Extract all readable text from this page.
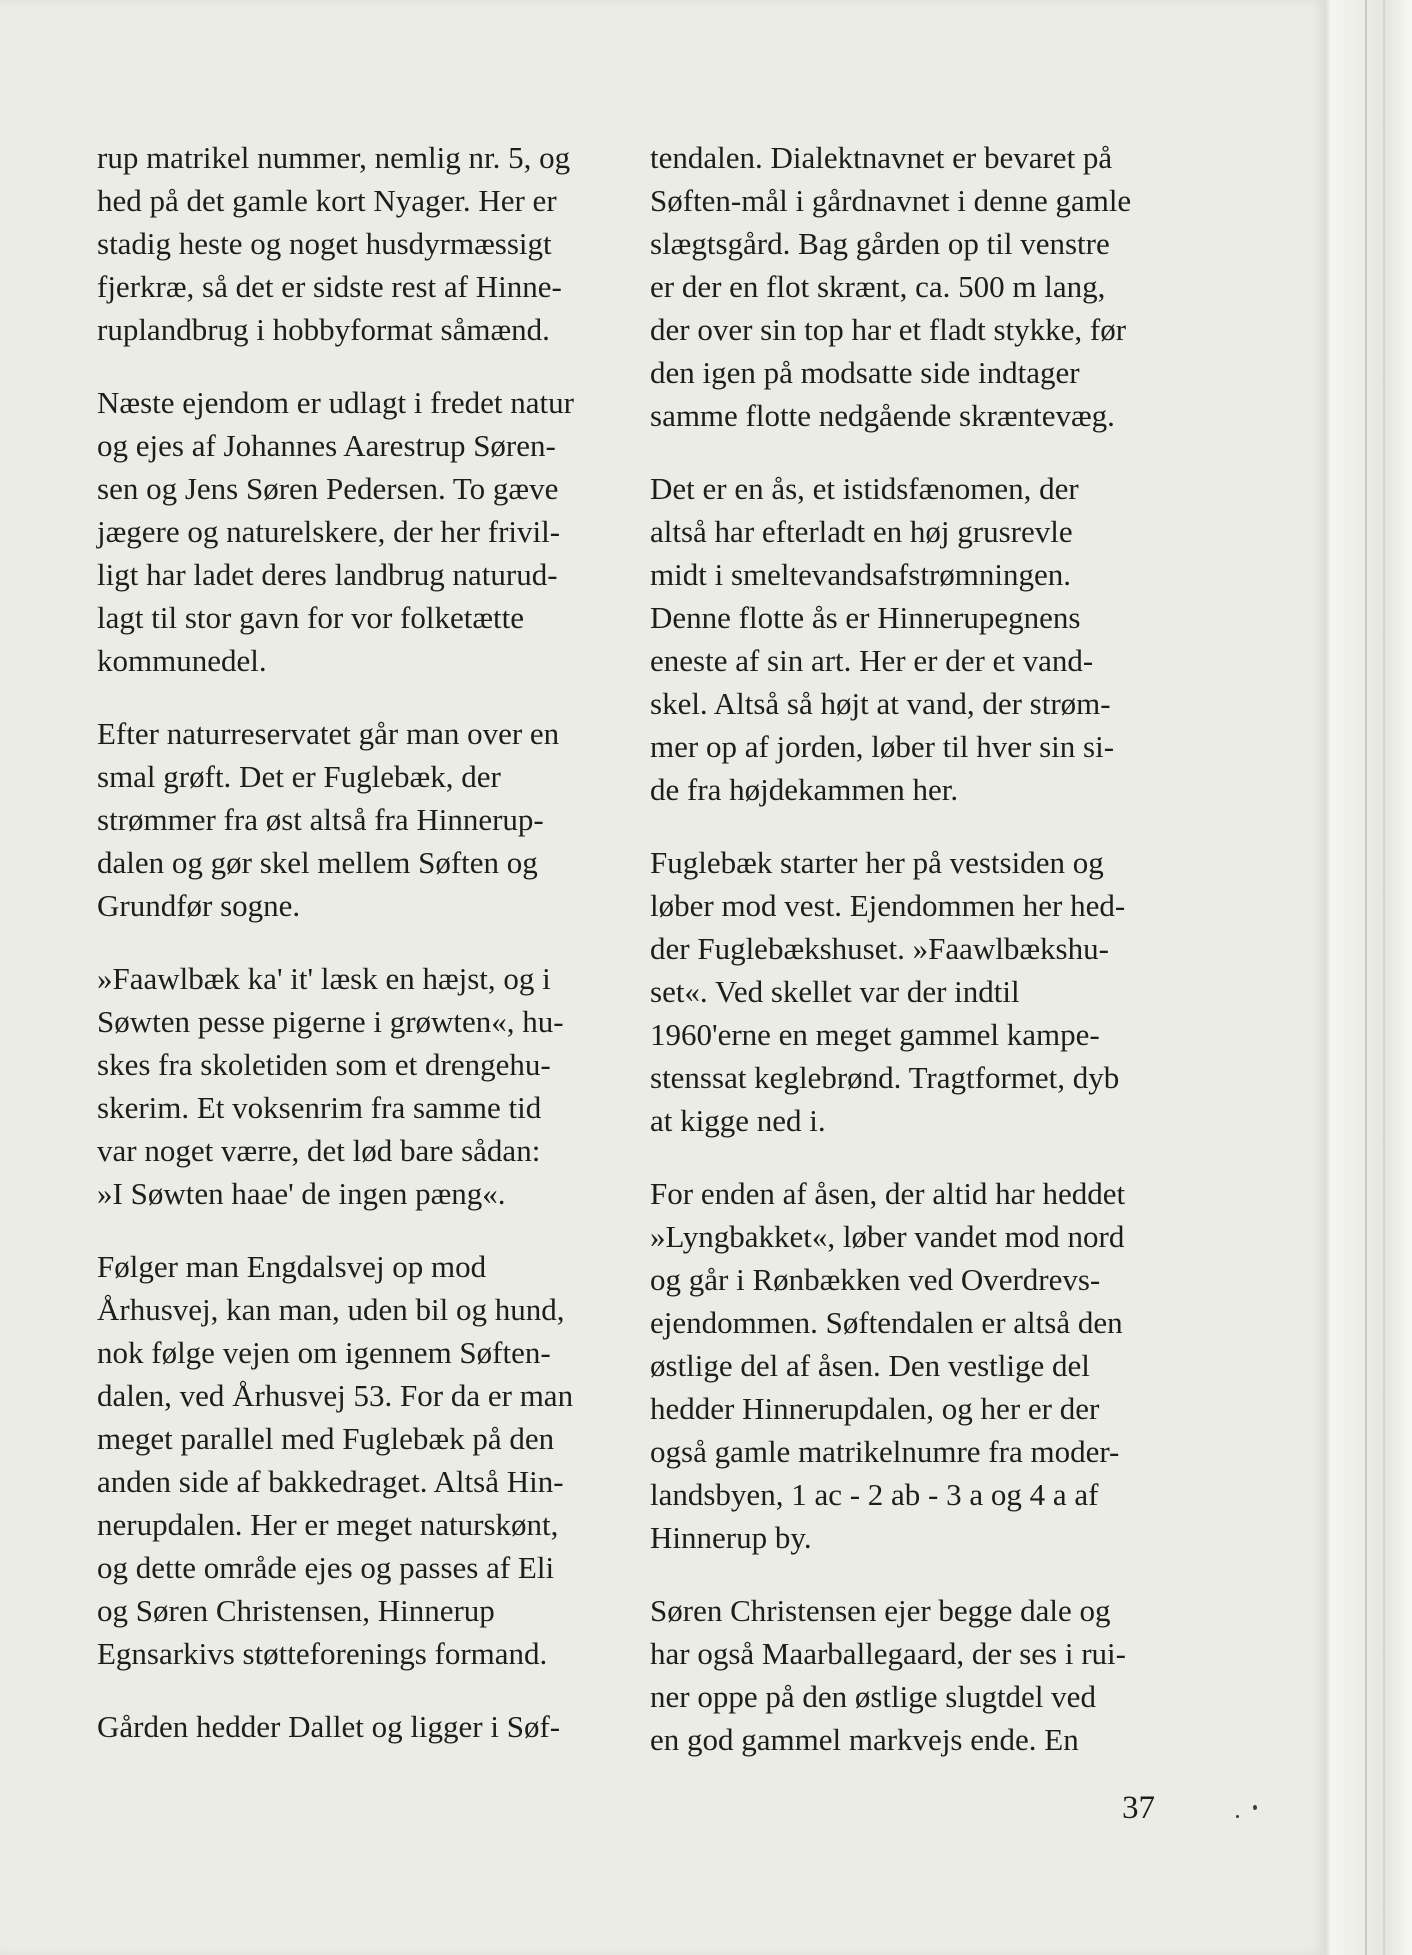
rup matrikel nummer, nemlig nr. 5, og
hed på det gamle kort Nyager. Her er
stadig heste og noget husdyrmæssigt
fjerkræ, så det er sidste rest af Hinne-
ruplandbrug i hobbyformat såmænd.

Næste ejendom er udlagt i fredet natur
og ejes af Johannes Aarestrup Søren-
sen og Jens Søren Pedersen. To gæve
jægere og naturelskere, der her frivil-
ligt har ladet deres landbrug naturud-
lagt til stor gavn for vor folketætte
kommunedel.

Efter naturreservatet går man over en
smal grøft. Det er Fuglebæk, der
strømmer fra øst altså fra Hinnerup-
dalen og gør skel mellem Søften og
Grundfør sogne.

»Faawlbæk ka' it' læsk en hæjst, og i
Søwten pesse pigerne i grøwten«, hu-
skes fra skoletiden som et drengehu-
skerim. Et voksenrim fra samme tid
var noget værre, det lød bare sådan:
»I Søwten haae' de ingen pæng«.

Følger man Engdalsvej op mod
Århusvej, kan man, uden bil og hund,
nok følge vejen om igennem Søften-
dalen, ved Århusvej 53. For da er man
meget parallel med Fuglebæk på den
anden side af bakkedraget. Altså Hin-
nerupdalen. Her er meget naturskønt,
og dette område ejes og passes af Eli
og Søren Christensen, Hinnerup
Egnsarkivs støtteforenings formand.

Gården hedder Dallet og ligger i Søf-

tendalen. Dialektnavnet er bevaret på
Søften-mål i gårdnavnet i denne gamle
slægtsgård. Bag gården op til venstre
er der en flot skrænt, ca. 500 m lang,
der over sin top har et fladt stykke, før
den igen på modsatte side indtager
samme flotte nedgående skræntevæg.

Det er en ås, et istidsfænomen, der
altså har efterladt en høj grusrevle
midt i smeltevandsafstrømningen.
Denne flotte ås er Hinnerupegnens
eneste af sin art. Her er der et vand-
skel. Altså så højt at vand, der strøm-
mer op af jorden, løber til hver sin si-
de fra højdekammen her.

Fuglebæk starter her på vestsiden og
løber mod vest. Ejendommen her hed-
der Fuglebækshuset. »Faawlbækshu-
set«. Ved skellet var der indtil
1960'erne en meget gammel kampe-
stenssat keglebrønd. Tragtformet, dyb
at kigge ned i.

For enden af åsen, der altid har heddet
»Lyngbakket«, løber vandet mod nord
og går i Rønbækken ved Overdrevs-
ejendommen. Søftendalen er altså den
østlige del af åsen. Den vestlige del
hedder Hinnerupdalen, og her er der
også gamle matrikelnumre fra moder-
landsbyen, 1 ac - 2 ab - 3 a og 4 a af
Hinnerup by.

Søren Christensen ejer begge dale og
har også Maarballegaard, der ses i rui-
ner oppe på den østlige slugtdel ved
en god gammel markvejs ende. En

37
